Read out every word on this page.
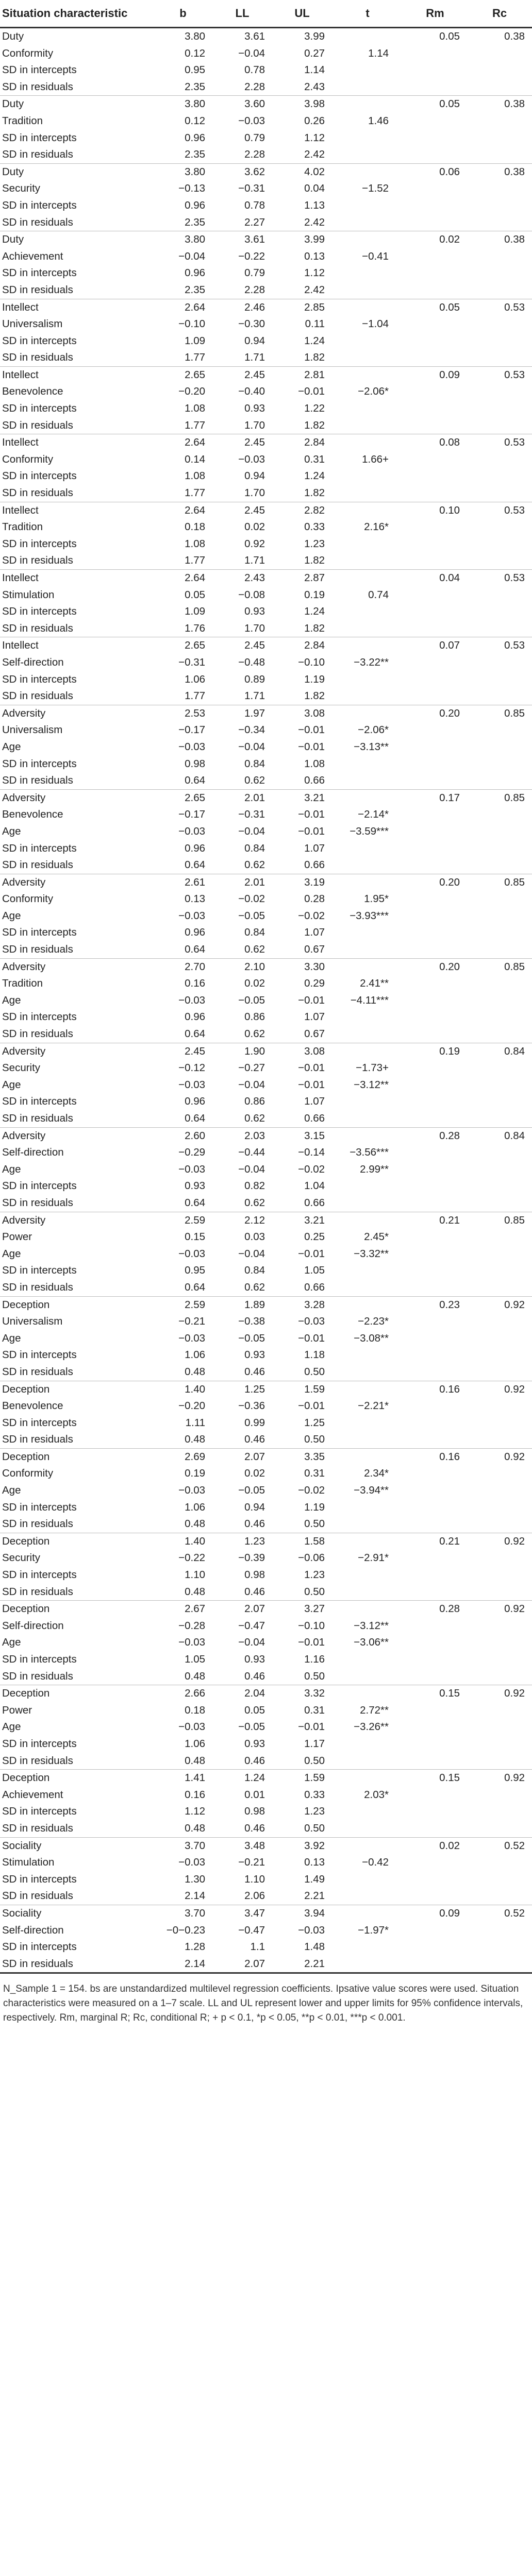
Situation characteristic	b	LL	UL	t	Rm	Rc
Duty	3.80	3.61	3.99		0.05	0.38
Conformity	0.12	−0.04	0.27	1.14		
SD in intercepts	0.95	0.78	1.14			
SD in residuals	2.35	2.28	2.43			
Duty	3.80	3.60	3.98		0.05	0.38
Tradition	0.12	−0.03	0.26	1.46		
SD in intercepts	0.96	0.79	1.12			
SD in residuals	2.35	2.28	2.42			
Duty	3.80	3.62	4.02		0.06	0.38
Security	−0.13	−0.31	0.04	−1.52		
SD in intercepts	0.96	0.78	1.13			
SD in residuals	2.35	2.27	2.42			
Duty	3.80	3.61	3.99		0.02	0.38
Achievement	−0.04	−0.22	0.13	−0.41		
SD in intercepts	0.96	0.79	1.12			
SD in residuals	2.35	2.28	2.42			
Intellect	2.64	2.46	2.85		0.05	0.53
Universalism	−0.10	−0.30	0.11	−1.04		
SD in intercepts	1.09	0.94	1.24			
SD in residuals	1.77	1.71	1.82			
Intellect	2.65	2.45	2.81		0.09	0.53
Benevolence	−0.20	−0.40	−0.01	−2.06*		
SD in intercepts	1.08	0.93	1.22			
SD in residuals	1.77	1.70	1.82			
Intellect	2.64	2.45	2.84		0.08	0.53
Conformity	0.14	−0.03	0.31	1.66+		
SD in intercepts	1.08	0.94	1.24			
SD in residuals	1.77	1.70	1.82			
Intellect	2.64	2.45	2.82		0.10	0.53
Tradition	0.18	0.02	0.33	2.16*		
SD in intercepts	1.08	0.92	1.23			
SD in residuals	1.77	1.71	1.82			
Intellect	2.64	2.43	2.87		0.04	0.53
Stimulation	0.05	−0.08	0.19	0.74		
SD in intercepts	1.09	0.93	1.24			
SD in residuals	1.76	1.70	1.82			
Intellect	2.65	2.45	2.84		0.07	0.53
Self-direction	−0.31	−0.48	−0.10	−3.22**		
SD in intercepts	1.06	0.89	1.19			
SD in residuals	1.77	1.71	1.82			
Adversity	2.53	1.97	3.08		0.20	0.85
Universalism	−0.17	−0.34	−0.01	−2.06*		
Age	−0.03	−0.04	−0.01	−3.13**		
SD in intercepts	0.98	0.84	1.08			
SD in residuals	0.64	0.62	0.66			
Adversity	2.65	2.01	3.21		0.17	0.85
Benevolence	−0.17	−0.31	−0.01	−2.14*		
Age	−0.03	−0.04	−0.01	−3.59***		
SD in intercepts	0.96	0.84	1.07			
SD in residuals	0.64	0.62	0.66			
Adversity	2.61	2.01	3.19		0.20	0.85
Conformity	0.13	−0.02	0.28	1.95*		
Age	−0.03	−0.05	−0.02	−3.93***		
SD in intercepts	0.96	0.84	1.07			
SD in residuals	0.64	0.62	0.67			
Adversity	2.70	2.10	3.30		0.20	0.85
Tradition	0.16	0.02	0.29	2.41**		
Age	−0.03	−0.05	−0.01	−4.11***		
SD in intercepts	0.96	0.86	1.07			
SD in residuals	0.64	0.62	0.67			
Adversity	2.45	1.90	3.08		0.19	0.84
Security	−0.12	−0.27	−0.01	−1.73+		
Age	−0.03	−0.04	−0.01	−3.12**		
SD in intercepts	0.96	0.86	1.07			
SD in residuals	0.64	0.62	0.66			
Adversity	2.60	2.03	3.15		0.28	0.84
Self-direction	−0.29	−0.44	−0.14	−3.56***		
Age	−0.03	−0.04	−0.02	2.99**		
SD in intercepts	0.93	0.82	1.04			
SD in residuals	0.64	0.62	0.66			
Adversity	2.59	2.12	3.21		0.21	0.85
Power	0.15	0.03	0.25	2.45*		
Age	−0.03	−0.04	−0.01	−3.32**		
SD in intercepts	0.95	0.84	1.05			
SD in residuals	0.64	0.62	0.66			
Deception	2.59	1.89	3.28		0.23	0.92
Universalism	−0.21	−0.38	−0.03	−2.23*		
Age	−0.03	−0.05	−0.01	−3.08**		
SD in intercepts	1.06	0.93	1.18			
SD in residuals	0.48	0.46	0.50			
Deception	1.40	1.25	1.59		0.16	0.92
Benevolence	−0.20	−0.36	−0.01	−2.21*		
SD in intercepts	1.11	0.99	1.25			
SD in residuals	0.48	0.46	0.50			
Deception	2.69	2.07	3.35		0.16	0.92
Conformity	0.19	0.02	0.31	2.34*		
Age	−0.03	−0.05	−0.02	−3.94**		
SD in intercepts	1.06	0.94	1.19			
SD in residuals	0.48	0.46	0.50			
Deception	1.40	1.23	1.58		0.21	0.92
Security	−0.22	−0.39	−0.06	−2.91*		
SD in intercepts	1.10	0.98	1.23			
SD in residuals	0.48	0.46	0.50			
Deception	2.67	2.07	3.27		0.28	0.92
Self-direction	−0.28	−0.47	−0.10	−3.12**		
Age	−0.03	−0.04	−0.01	−3.06**		
SD in intercepts	1.05	0.93	1.16			
SD in residuals	0.48	0.46	0.50			
Deception	2.66	2.04	3.32		0.15	0.92
Power	0.18	0.05	0.31	2.72**		
Age	−0.03	−0.05	−0.01	−3.26**		
SD in intercepts	1.06	0.93	1.17			
SD in residuals	0.48	0.46	0.50			
Deception	1.41	1.24	1.59		0.15	0.92
Achievement	0.16	0.01	0.33	2.03*		
SD in intercepts	1.12	0.98	1.23			
SD in residuals	0.48	0.46	0.50			
Sociality	3.70	3.48	3.92		0.02	0.52
Stimulation	−0.03	−0.21	0.13	−0.42		
SD in intercepts	1.30	1.10	1.49			
SD in residuals	2.14	2.06	2.21			
Sociality	3.70	3.47	3.94		0.09	0.52
Self-direction	−0−0.23	−0.47	−0.03	−1.97*		
SD in intercepts	1.28	1.1	1.48			
SD in residuals	2.14	2.07	2.21			
N_Sample 1 = 154. bs are unstandardized multilevel regression coefficients. Ipsative value scores were used. Situation characteristics were measured on a 1–7 scale. LL and UL represent lower and upper limits for 95% confidence intervals, respectively. Rm, marginal R; Rc, conditional R; + p < 0.1, *p < 0.05, **p < 0.01, ***p < 0.001.
